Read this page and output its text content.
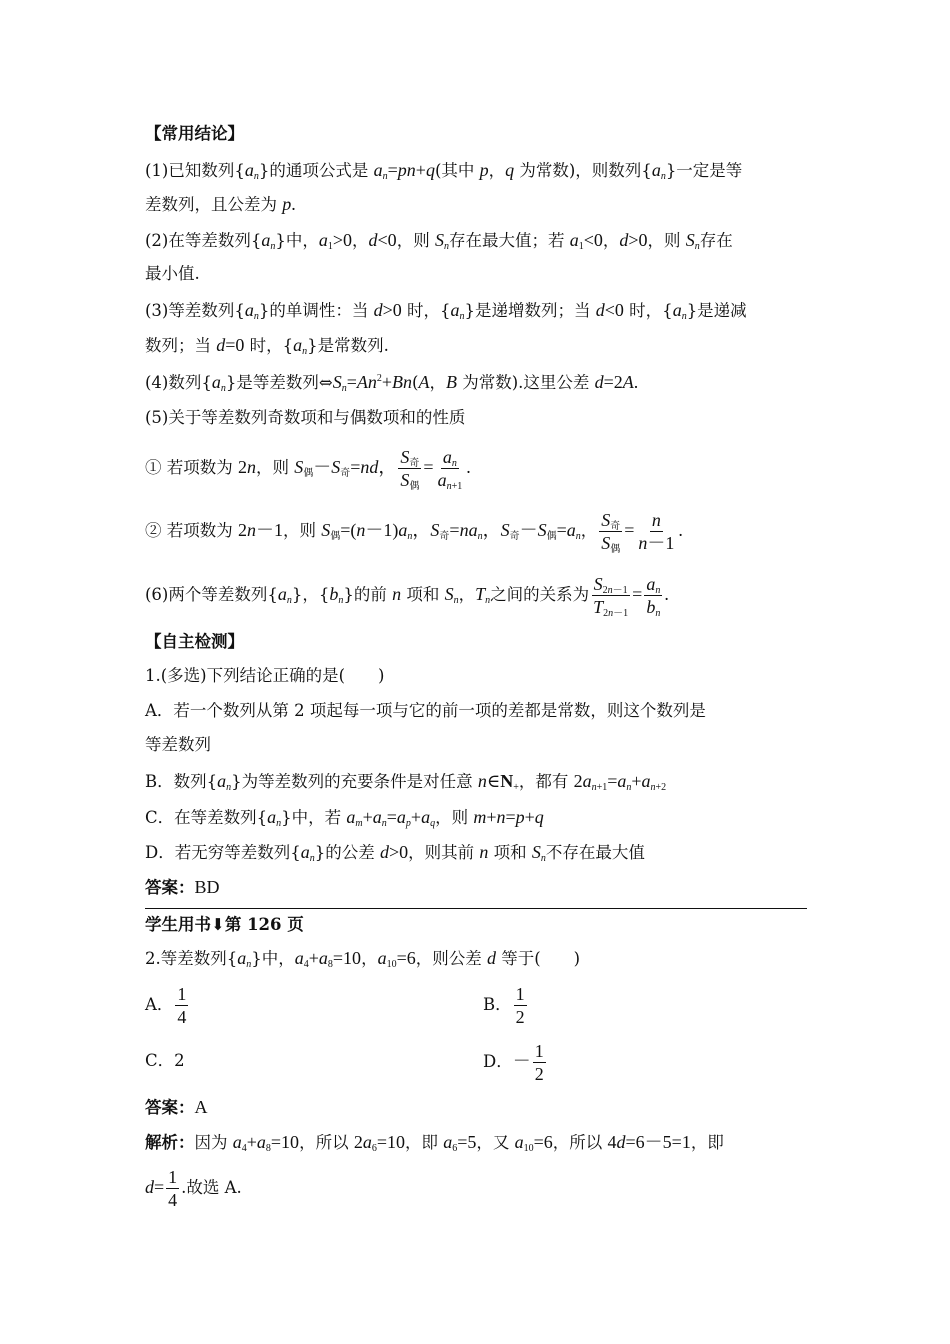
【常用结论】
(1)已知数列$\{a_n\}$的通项公式是 $a_n=pn+q$(其中 p，q 为常数)，则数列$\{a_n\}$一定是等
差数列，且公差为 p.
(2)在等差数列$\{a_n\}$中，$a_1>0$，d<0，则 $S_n$存在最大值；若 $a_1<0$，d>0，则 $S_n$存在
最小值.
(3)等差数列$\{a_n\}$的单调性：当 d>0 时，$\{a_n\}$是递增数列；当 d<0 时，$\{a_n\}$是递减
数列；当 d=0 时，$\{a_n\}$是常数列.
(4)数列$\{a_n\}$是等差数列$\Leftrightarrow S_n=An^2+Bn(A$，B 为常数).这里公差 d=2A.
(5)关于等差数列奇数项和与偶数项和的性质
① 若项数为 2n，则 $S_偶-S_奇=nd$， $\frac{S_奇}{S_偶} = \frac{a_n}{a_{n+1}}$ .
② 若项数为 2n－1，则 $S_偶=(n-1)a_n$，$S_奇=na_n$，$S_奇-S_偶=a_n$， $\frac{S_奇}{S_偶} = \frac{n}{n-1}$ .
(6)两个等差数列$\{a_n\}$，$\{b_n\}$的前 n 项和 $S_n$，$T_n$之间的关系为 $\frac{S_{2n-1}}{T_{2n-1}} = \frac{a_n}{b_n}$ .
【自主检测】
1.(多选)下列结论正确的是(　　)
A．若一个数列从第 2 项起每一项与它的前一项的差都是常数，则这个数列是
等差数列
B．数列$\{a_n\}$为等差数列的充要条件是对任意 $n\in N_+$，都有 $2a_{n+1}=a_n+a_{n+2}$
C．在等差数列$\{a_n\}$中，若 $a_m+a_n=a_p+a_q$，则 m+n=p+q
D．若无穷等差数列$\{a_n\}$的公差 d>0，则其前 n 项和 $S_n$不存在最大值
答案：BD
学生用书⬇第 126 页
2.等差数列$\{a_n\}$中，$a_4+a_8=10$，$a_{10}=6$，则公差 d 等于(　　)
A． $\frac{1}{4}$	B． $\frac{1}{2}$
C．2	D．－ $\frac{1}{2}$
答案：A
解析：因为 $a_4+a_8=10$，所以 $2a_6=10$，即 $a_6=5$，又 $a_{10}=6$，所以 4d=6－5=1，即
$d= \frac{1}{4}$ .故选 A.
